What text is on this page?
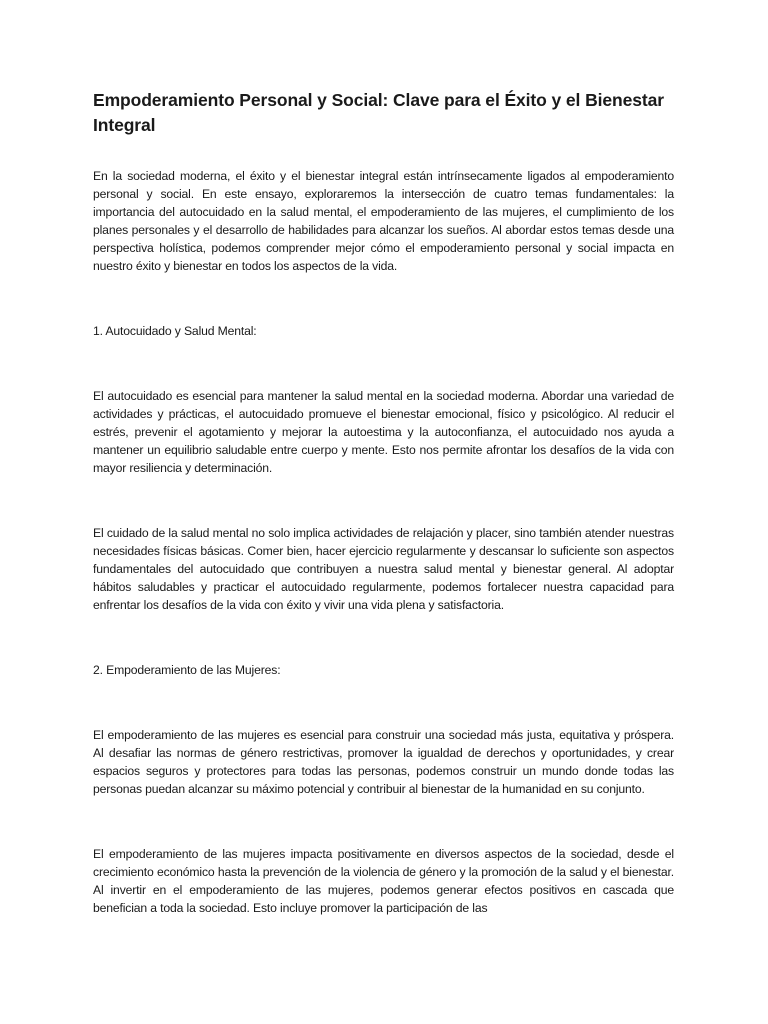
Empoderamiento Personal y Social: Clave para el Éxito y el Bienestar Integral

En la sociedad moderna, el éxito y el bienestar integral están intrínsecamente ligados al empoderamiento personal y social. En este ensayo, exploraremos la intersección de cuatro temas fundamentales: la importancia del autocuidado en la salud mental, el empoderamiento de las mujeres, el cumplimiento de los planes personales y el desarrollo de habilidades para alcanzar los sueños. Al abordar estos temas desde una perspectiva holística, podemos comprender mejor cómo el empoderamiento personal y social impacta en nuestro éxito y bienestar en todos los aspectos de la vida.

1. Autocuidado y Salud Mental:

El autocuidado es esencial para mantener la salud mental en la sociedad moderna. Abordar una variedad de actividades y prácticas, el autocuidado promueve el bienestar emocional, físico y psicológico. Al reducir el estrés, prevenir el agotamiento y mejorar la autoestima y la autoconfianza, el autocuidado nos ayuda a mantener un equilibrio saludable entre cuerpo y mente. Esto nos permite afrontar los desafíos de la vida con mayor resiliencia y determinación.

El cuidado de la salud mental no solo implica actividades de relajación y placer, sino también atender nuestras necesidades físicas básicas. Comer bien, hacer ejercicio regularmente y descansar lo suficiente son aspectos fundamentales del autocuidado que contribuyen a nuestra salud mental y bienestar general. Al adoptar hábitos saludables y practicar el autocuidado regularmente, podemos fortalecer nuestra capacidad para enfrentar los desafíos de la vida con éxito y vivir una vida plena y satisfactoria.

2. Empoderamiento de las Mujeres:

El empoderamiento de las mujeres es esencial para construir una sociedad más justa, equitativa y próspera. Al desafiar las normas de género restrictivas, promover la igualdad de derechos y oportunidades, y crear espacios seguros y protectores para todas las personas, podemos construir un mundo donde todas las personas puedan alcanzar su máximo potencial y contribuir al bienestar de la humanidad en su conjunto.

El empoderamiento de las mujeres impacta positivamente en diversos aspectos de la sociedad, desde el crecimiento económico hasta la prevención de la violencia de género y la promoción de la salud y el bienestar. Al invertir en el empoderamiento de las mujeres, podemos generar efectos positivos en cascada que benefician a toda la sociedad. Esto incluye promover la participación de las
